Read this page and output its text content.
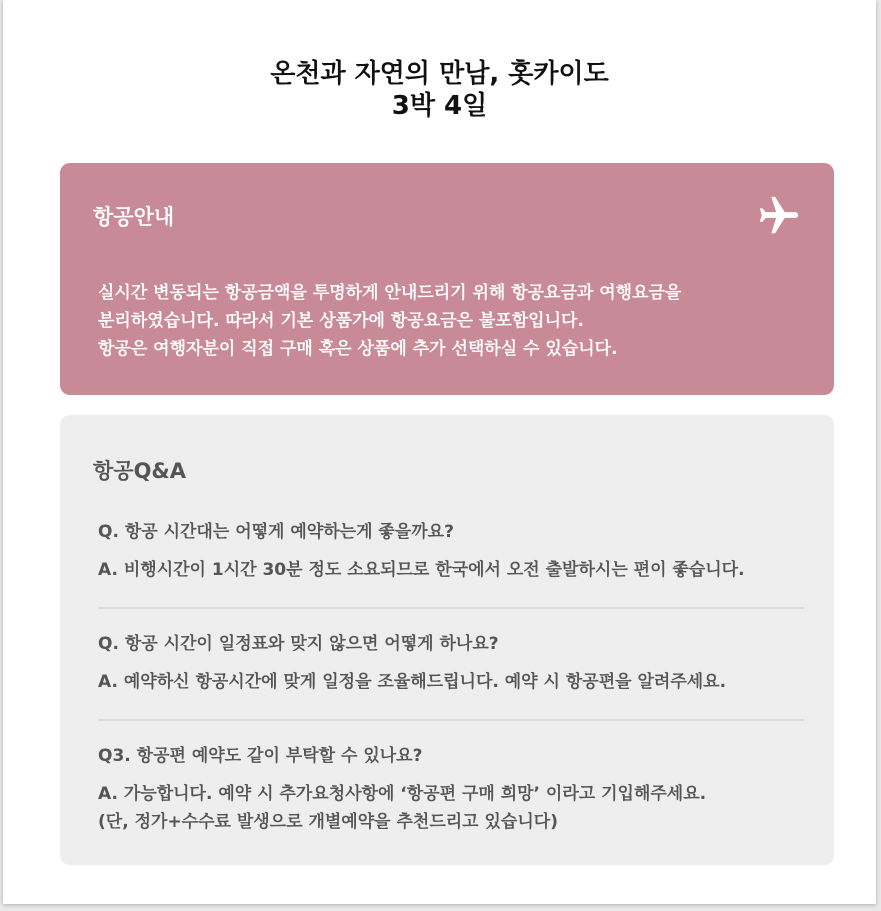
온천과 자연의 만남, 홋카이도
3박 4일
항공안내
실시간 변동되는 항공금액을 투명하게 안내드리기 위해 항공요금과 여행요금을
분리하였습니다. 따라서 기본 상품가에 항공요금은 불포함입니다.
항공은 여행자분이 직접 구매 혹은 상품에 추가 선택하실 수 있습니다.
항공Q&A
Q. 항공 시간대는 어떻게 예약하는게 좋을까요?
A. 비행시간이 1시간 30분 정도 소요되므로 한국에서 오전 출발하시는 편이 좋습니다.
Q. 항공 시간이 일정표와 맞지 않으면 어떻게 하나요?
A. 예약하신 항공시간에 맞게 일정을 조율해드립니다. 예약 시 항공편을 알려주세요.
Q3. 항공편 예약도 같이 부탁할 수 있나요?
A. 가능합니다. 예약 시 추가요청사항에 ‘항공편 구매 희망’ 이라고 기입해주세요.
(단, 정가+수수료 발생으로 개별예약을 추천드리고 있습니다)
